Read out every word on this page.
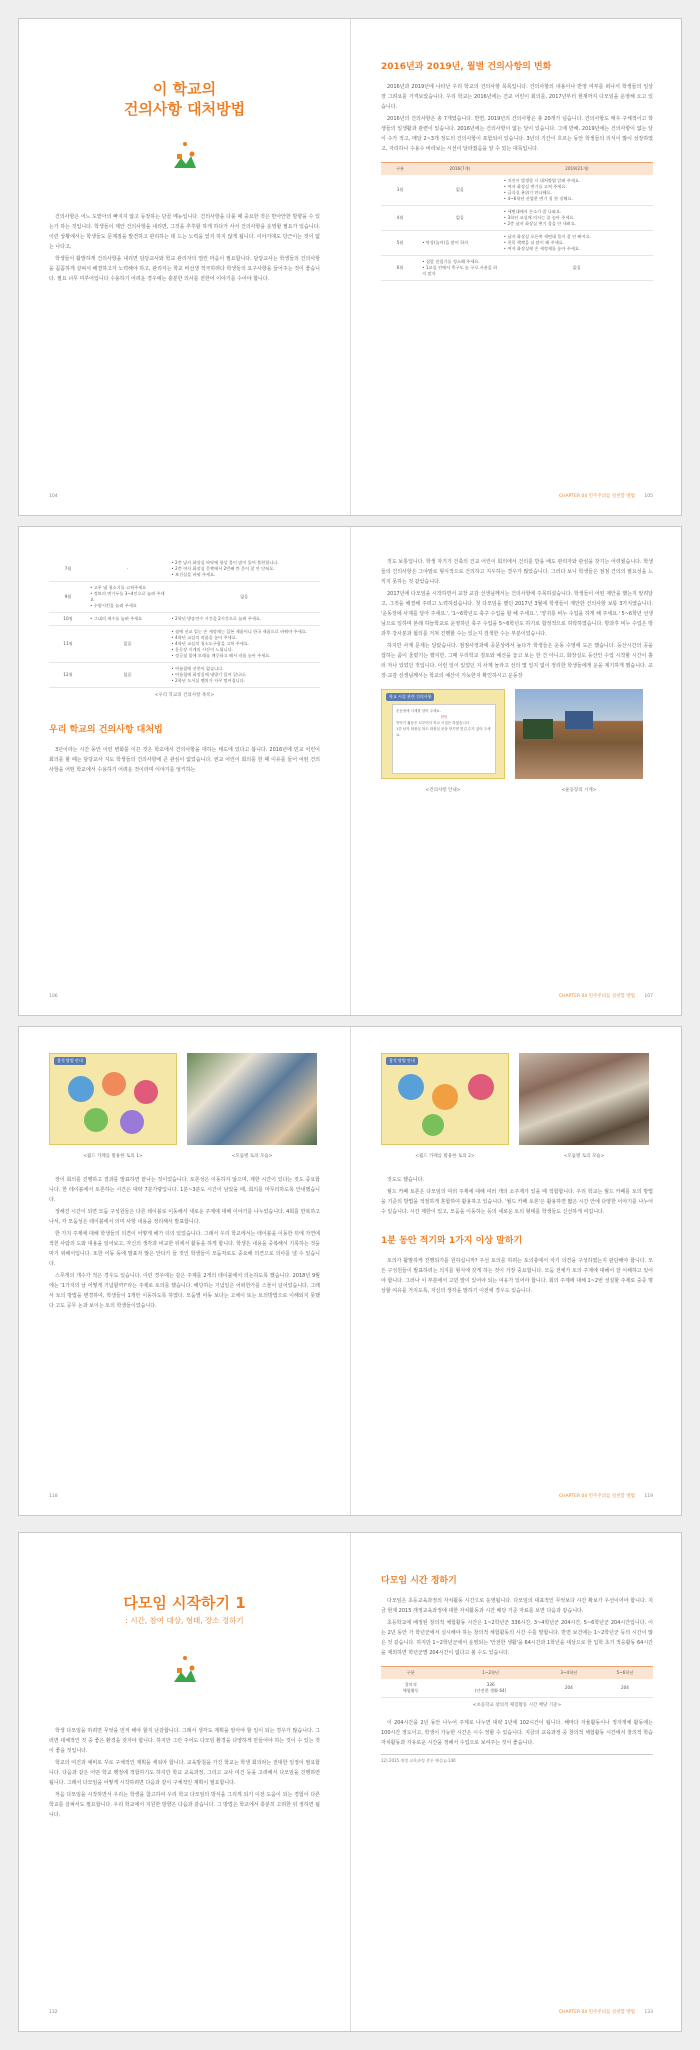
이 학교의
건의사항 대처방법

건의사항은 어느 도맡아의 빠지지 않고 등장하는 단골 메뉴입니다. 건의사항을 다룰 때 중요한 것은 반아안한 방향을 수 있는가 하는 것입니다. 학생들이 제안 건의사항을 내리면, 그것을 추후할 하게 하다가 사서 건의사항을 운영할 필요가 있습니다. 이런 상황에서는 학생들도 문제점을 발견하고 관리하는 데 드는 노력을 얻지 하지 않게 됩니다. 이야기에도 당근이는 것이 없는 나다고,

학생들이 활발하게 건의사항을 내리면 담당교사와 학교 관리자의 열린 마음이 필요합니다. 담당교사는 학생들의 건의사항을 꼼꼼하게 살펴서 해결하고자 노력해야 하고, 관리자는 학교 비선생 적극하려다 학생들의 요구사항을 들어주는 것이 좋습니다. 필요 너무 미루어입니다 수용하기 어려운 경우에는 충분한 의사를 전한어 이야기를 수어야 합니다.

104
2016년과 2019년, 월별 건의사항의 변화

2016년과 2019년에 나타난 우리 학교의 건의사항 목록입니다. 건의사항의 내용이나 반영 여부를 떠나서 학생들의 일상 장 그려요를 가격보았습니다. 우리 학교는 2016년에는 건교 어린이 회의를, 2017년부터 현재까지 다모임을 운영해 오고 있습니다.

2016년의 건의사항은 총 7개였습니다. 반면, 2019년의 건의사항은 총 20개가 넘습니다. 건의사항도 매우 구체적이고 학생들의 일생활과 관련이 있습니다. 2016년에는 건의사항이 없는 달이 있습니다. 그에 반해, 2019년에는 건의사항이 없는 달이 수가 적고, 매달 2~3개 정도의 건의사항이 포함되어 있습니다. 3년의 기간이 흐르는 동안 학생들의 의식이 많이 성장하였고, 자리하나 수용수 바라보는 시선이 달라졌음을 알 수 있는 대목입니다.

구분	2016(7개)	2019(21개)
3월	없음	• 지진이 발생할 시 대처방법 알려 주세요.
• 여자 화장실 변기를 고쳐 주세요.
• 급식실 분위기 만나해요.
• 4~6학년 산업한 변기 칭 한 장해요.

4월	없음	• 세면대에서 손소가 잘 나와요.
• 3학년 교실에 의자는 좀 놓아 주세요.
• 2층 남자 화장실 변기 물을 안 내려요.

5월	• 탁상(놀이)을 많이 하자	• 남자 화장실 오른쪽 세면대 물이 잘 안 빠져요.
• 친목 책짝을 더 많이 해 주세요.
• 여자 화장실에 손 세정제를 놓아 주세요.

6월	• 집앞 전철기를 정소해 주세요.
• 1교실 언에서 축구도 놓 구로 사용을 하지 말자	없음
CHAPTER 04 민주주의를 실천할 방법 105
7월	-	• 2층 남자 화장실 바닥에 항상 물이 많이 있어 불편합니다.
• 2층 여자 화장실 문짝에서 2번째 칸 문이 잘 안 닫혀요.
• 보건실을 바꿔 주세요.

9월	• 고무 냄 청소기를 고쳐주세요
• 정보의 변기두를 3~4인으로 늘려 주세요
• 수양시킨을 놀려 주세요	없음
10월	• 그네의 개수를 늘려 주세요	• 2학년 방송연수 시간을 2시간으로 늘려 주세요.

11월	없음	• 점에 선교 입는 손 세정제는 일본 제품이니 한국 제품으로 바꿔야 주세요.
• 4학년 교실의 작품을 놓아 주세요.
• 4학년 교실의 청소도구함을 고쳐 주세요.
• 운동장 시계의 시간이 느립니다.
• 정글짐 밑에 모래를 깨끗하고 해서 작품 놓아 주세요.

12월	없음	• 여름철에 선풍이 없습니다.
• 여름철에 화장실에 냉방기 있어 있나다.
• 2학년 도서실 벤치가 자꾸 떨어집니다.
<우리 학교의 건의사항 목록>
우리 학교의 건의사항 대처법

3년이라는 시간 동안 이런 변화를 이끈 것은 학교에서 건의사항을 대하는 태도에 있다고 봅니다. 2016년에 민교 어린이 회의를 할 때는 담당교사 지도 학생들의 건의사항에 큰 관심이 없었습니다. 권교 어린이 회의를 한 때 이유를 들어 어떤 건의사항을 어떤 학교에서 수용하기 어려운 것이라며 이야기를 엉키하는

106

것도 보통입니다. 학생 자기기 건축의 건교 어린이 회의에서 건의를 받을 배도 관리자와 관심을 갖기는 어려웠습니다. 학생들의 건의사항은 그야말로 형식적으로 건의하고 지우하는 경우가 많았습니다. 그러다 보니 학생들은 점점 건의의 필요성을 느끼지 못하는 것 같았습니다.

2017년에 다모임을 시작하면서 교장 교감 선생님께서는 건의사항에 주목하셨습니다. 학생들이 어떤 제안을 했는지 알려달고, 그것을 해결해 주려고 노력하셨습니다. 첫 다모임을 했던 2017년 3월에 학생들이 제안한 건의사항 보통 3가지였습니다. '운동장에 사계를 달아 주세요.', '1~6학년도 축구 수업을 할 해 주세요.', '양귀롱 비누 수업을 하게 해 주세요.' 5~6학년 선생님으로 일하며 본래 하늘학교로 운영하던 축구 수업을 5~6학년도 하기로 합정적으로 허락하였습니다. 방과후 비누 수업은 방과후 강사분과 혐의를 거쳐 진행할 수는 있는지 검색한 수는 부분이었습니다.

하지만 사계 문제는 달랐습니다. 점점사정과에 공문상에서 높다가 학생들은 운동 수영에 도곤 했습니다. 등산시간의 공을 잡하는 좀이 울렸기는 했지만, 그때 우리학교 검토와 예산을 놓고 보는 한 건 아니고, 화장실도 등산인 수업 시작할 시간이 흘러 자나 있었던 것입니다. 이런 일이 있었던 지 사계 놀라고 선의 몇 일지 없이 정리한 학생들에게 운을 제기하게 했습니다. 교장·교감 선생님께서는 학교의 예산이 가능한지 확인하시고 운동장

학교 시설 관련 건의사항
운동장에 시계를 달아 주세요.
답변
이야기 활동은 다루어서 학교 시설은 하겠습니다
1층 남자 화장실 복도 화장실 문을 닫기면 빗길 수가 있어 주세요.
<건의사항 안내>	<운동장의 시계>
CHAPTER 04 민주주의를 실천할 방법 107
참석 방법 안내
<월드 카페를 활용한 토의 1>	<모둠별 토의 모습>

장이 회의를 진행하고 결과를 발표하면 끝나는 것이었습니다. 토론성은 이동하지 않으며, 제한 시간이 있다는 것도 중요합니다. 한 테이블에서 토론하는 시간은 대략 7분가량입니다. 1분~3분도 시간이 남았을 때, 회의를 마무리하도록 안내했습니다.

정해진 시간이 되면 모둠 구성원들은 다른 테이블로 이동해서 새로운 주제에 대해 이야기를 나누었습니다. 4회를 반복하고 나서, 각 모둠성은 테이블에서 의미 사항 내용을 정리해서 발표합니다.

한 가지 주제에 대해 학생들의 의견이 어떻게 해가 더의 있었습니다. 그래서 우리 학교에서는 테이블을 이동한 뒤에 자연에 적힌 사람의 도와 내용을 읽어보고, 자신의 생각과 비교한 뒤에서 활동을 하게 합니다. 학생은 내용을 중복해서 기록하는 것을 막기 위해서입니다. 또한 이동 동에 발표자 많은 안다가 들 것인 학생들이 모둠처로도 중요해 의견으로 의사를 낼 수 있습니다.

스무개의 개수가 적은 경우도 있습니다. 이런 경우에는 같은 주제를 2개의 테이블에서 의논하도록 했습니다. 2018년 9월에는 '1가지의 날 어떻게 기념할까?'라는 주제로 토의를 했습니다. 해당하는 기념일은 어떠한가를 스물이 넘어었습니다. 그래서 토의 방법을 변경하여, 학생들이 1개만 이동하도록 하였다. 모둠별 어동 보다는 고체이 또는 토의방법으로 이해되지 못했다 고도 공무 논과 보이는 토의 학생들이었습니다.

118
참석 방법 안내
<월드 카페를 활용한 토의 2>	<모둠별 토의 모습>

것도도 했습니다.

월드 카페 토론은 다모임의 여러 주제에 대해 여러 개의 소주제가 있을 때 적합합니다. 우리 학교는 월드 카페를 토의 방법을 기준의 방법을 적절하게 혼합하여 활용하고 있습니다. '월드 카페 토론'은 활용하면 짧은 시간 안에 다양한 이야기를 나누어 수 있습니다. 시간 제한이 있고, 모둠을 이동하는 등의 새로운 토의 형태를 학생들도 신선하게 여깁니다.

1분 동안 적기와 1가지 이상 말하기

토의가 활발하게 진행되기를 원하십니까? 우선 토의를 하려는 토의충에서 자기 의견을 구성하였는지 판단해야 합니다. 모든 구성원들이 발표하려는 의지를 형식에 갖게 하는 것이 가장 중요합니다. 모둠 전체가 토의 주제에 대해서 잘 이해하고 있어야 합니다. 그러나 이 부분에서 고민 말이 있어야 되는 여유가 있어야 합니다. 회의 주제에 대해 1~2번 성설할 주제로 중증 명상할 여유를 가지도록, 자신의 생각을 말하기 이전에 경우도 있습니다.

CHAPTER 04 민주주의를 실천할 방법 119
다모임 시작하기 1
: 시간, 참여 대상, 형태, 장소 정하기

학생 다모임을 하려면 무엇을 먼저 해야 할지 난감합니다. 그래서 생각도 계획을 알아야 할 일이 되는 경우가 많습니다. 그러면 대체적인 것 중 좋은 환경을 갖자야 합니다. 하지만 그런 주어도 다모임 환경을 다양하게 만들어야 하는 것이 수 있는 것이 좋을 것입니다.

학교의 여건과 예비로 꾸로 구체적인 계획을 세워야 합니다. 교육방침을 가진 학교는 학생 회의라는 전대한 일정이 필요합니다. 다음과 같은 어떤 학교 행정에 적합하기도 하지만 학교 교육과정, 그리고 교사 여건 등을 고려해서 다모임을 진행하면 됩니다. 그래서 다모임을 어떻게 시작하려면 다음과 같이 구체적인 계획이 필요합니다.

처음 다모임을 시작하면서 우리는 학생을 참고하여 우리 학교 다모임의 방식을 그리게 되기 이전 도움이 되는 경험이 다른 학교를 살펴서도 필요합니다. 우리 학교에서 지원한 방향은 다음과 같습니다. 그 방법은 학교에서 충분히 고려한 뒤 정하면 됩니다.

132
다모임 시간 정하기

다모임은 초등교육과정의 자치활동 시간으로 운영됩니다. 다모임의 대표적인 무엇보다 시간 확보가 우선이어야 합니다. 지금 현재 2015 개정교육과정에 대한 자치활동과 시간 배당 기준 자료를 보면 다음과 같습니다.

초등학교에 배정된 창의적 체험활동 시간은 1~2학년군 336시간, 3~4학년군 204시간, 5~6학년군 204시간입니다. 이는 2년 동안 가 학년군에서 실시해야 하는 창의적 체험활동의 시간 수를 말합니다. 반면 보건에는 1~2학년군 등의 시간이 많은 것 같습니다. 하지만 1~2학년군에서 운영되는 '안전한 생활'을 64시간과 1학년을 대상으로 한 입학 초기 적응활동 64시간을 제외하면 학년군별 204시간이 없다고 볼 수도 있습니다.

구분	1~2학년	3~4학년	5~6학년
창의적
체험활동	336
(안전한 생활 64)	204	204
<초등학교 창의적 체험활동 시간 배당 기준>

이 204시간을 2년 동안 나누어 주제로 나누면 대략 1년에 102시간이 됩니다. 해마다 자율활동이나 정자개체 활동에는 100시간 정도이고, 학생이 가능한 시간은 시수 정할 수 있습니다. 지금의 교육과정 중 창의적 체험활동 시간에서 창의적 학습 자치활동과 자유로운 시간을 정해서 수업으로 보여주는 것이 좋습니다.

12) 2015 개정 교육과정 총론 해설 p.140
CHAPTER 04 민주주의를 실천할 방법 133
